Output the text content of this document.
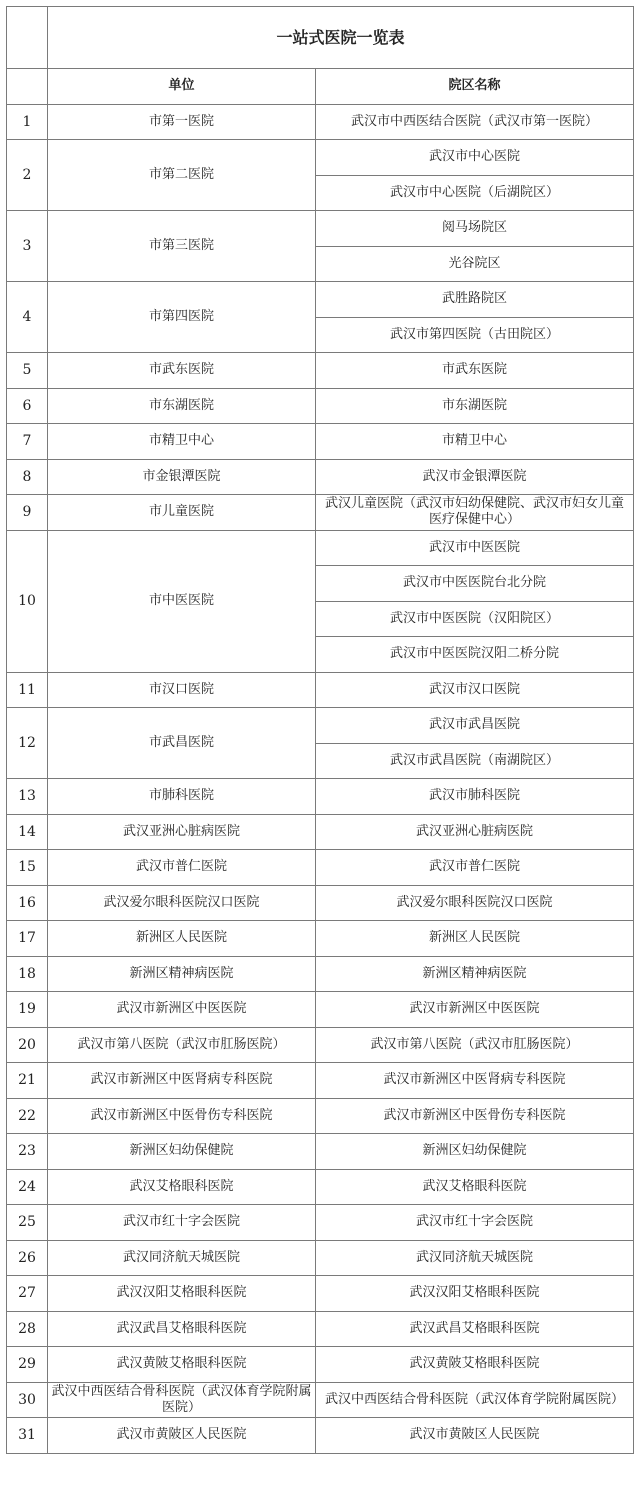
	一站式医院一览表	
	单位	院区名称
1	市第一医院	武汉市中西医结合医院（武汉市第一医院）
2	市第二医院	武汉市中心医院
		武汉市中心医院（后湖院区）
3	市第三医院	阅马场院区
		光谷院区
4	市第四医院	武胜路院区
		武汉市第四医院（古田院区）
5	市武东医院	市武东医院
6	市东湖医院	市东湖医院
7	市精卫中心	市精卫中心
8	市金银潭医院	武汉市金银潭医院
9	市儿童医院	武汉儿童医院（武汉市妇幼保健院、武汉市妇女儿童医疗保健中心）
10	市中医医院	武汉市中医医院
		武汉市中医医院台北分院
		武汉市中医医院（汉阳院区）
		武汉市中医医院汉阳二桥分院
11	市汉口医院	武汉市汉口医院
12	市武昌医院	武汉市武昌医院
		武汉市武昌医院（南湖院区）
13	市肺科医院	武汉市肺科医院
14	武汉亚洲心脏病医院	武汉亚洲心脏病医院
15	武汉市普仁医院	武汉市普仁医院
16	武汉爱尔眼科医院汉口医院	武汉爱尔眼科医院汉口医院
17	新洲区人民医院	新洲区人民医院
18	新洲区精神病医院	新洲区精神病医院
19	武汉市新洲区中医医院	武汉市新洲区中医医院
20	武汉市第八医院（武汉市肛肠医院）	武汉市第八医院（武汉市肛肠医院）
21	武汉市新洲区中医肾病专科医院	武汉市新洲区中医肾病专科医院
22	武汉市新洲区中医骨伤专科医院	武汉市新洲区中医骨伤专科医院
23	新洲区妇幼保健院	新洲区妇幼保健院
24	武汉艾格眼科医院	武汉艾格眼科医院
25	武汉市红十字会医院	武汉市红十字会医院
26	武汉同济航天城医院	武汉同济航天城医院
27	武汉汉阳艾格眼科医院	武汉汉阳艾格眼科医院
28	武汉武昌艾格眼科医院	武汉武昌艾格眼科医院
29	武汉黄陂艾格眼科医院	武汉黄陂艾格眼科医院
30	武汉中西医结合骨科医院（武汉体育学院附属医院）	武汉中西医结合骨科医院（武汉体育学院附属医院）
31	武汉市黄陂区人民医院	武汉市黄陂区人民医院
